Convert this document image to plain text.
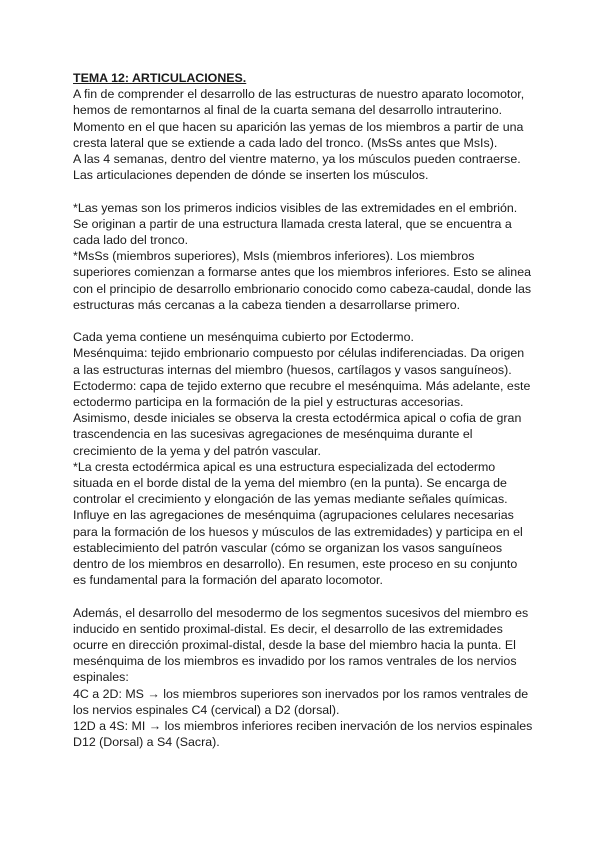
TEMA 12: ARTICULACIONES.

A fin de comprender el desarrollo de las estructuras de nuestro aparato locomotor, hemos de remontarnos al final de la cuarta semana del desarrollo intrauterino. Momento en el que hacen su aparición las yemas de los miembros a partir de una cresta lateral que se extiende a cada lado del tronco. (MsSs antes que MsIs).

A las 4 semanas, dentro del vientre materno, ya los músculos pueden contraerse.

Las articulaciones dependen de dónde se inserten los músculos.

*Las yemas son los primeros indicios visibles de las extremidades en el embrión. Se originan a partir de una estructura llamada cresta lateral, que se encuentra a cada lado del tronco.

*MsSs (miembros superiores), MsIs (miembros inferiores). Los miembros superiores comienzan a formarse antes que los miembros inferiores. Esto se alinea con el principio de desarrollo embrionario conocido como cabeza-caudal, donde las estructuras más cercanas a la cabeza tienden a desarrollarse primero.

Cada yema contiene un mesénquima cubierto por Ectodermo.

Mesénquima: tejido embrionario compuesto por células indiferenciadas. Da origen a las estructuras internas del miembro (huesos, cartílagos y vasos sanguíneos).

Ectodermo: capa de tejido externo que recubre el mesénquima. Más adelante, este ectodermo participa en la formación de la piel y estructuras accesorias.

Asimismo, desde iniciales se observa la cresta ectodérmica apical o cofia de gran trascendencia en las sucesivas agregaciones de mesénquima durante el crecimiento de la yema y del patrón vascular.

*La cresta ectodérmica apical es una estructura especializada del ectodermo situada en el borde distal de la yema del miembro (en la punta). Se encarga de controlar el crecimiento y elongación de las yemas mediante señales químicas. Influye en las agregaciones de mesénquima (agrupaciones celulares necesarias para la formación de los huesos y músculos de las extremidades) y participa en el establecimiento del patrón vascular (cómo se organizan los vasos sanguíneos dentro de los miembros en desarrollo). En resumen, este proceso en su conjunto es fundamental para la formación del aparato locomotor.

Además, el desarrollo del mesodermo de los segmentos sucesivos del miembro es inducido en sentido proximal-distal. Es decir, el desarrollo de las extremidades ocurre en dirección proximal-distal, desde la base del miembro hacia la punta. El mesénquima de los miembros es invadido por los ramos ventrales de los nervios espinales:

4C a 2D: MS → los miembros superiores son inervados por los ramos ventrales de los nervios espinales C4 (cervical) a D2 (dorsal).

12D a 4S: MI → los miembros inferiores reciben inervación de los nervios espinales D12 (Dorsal) a S4 (Sacra).
